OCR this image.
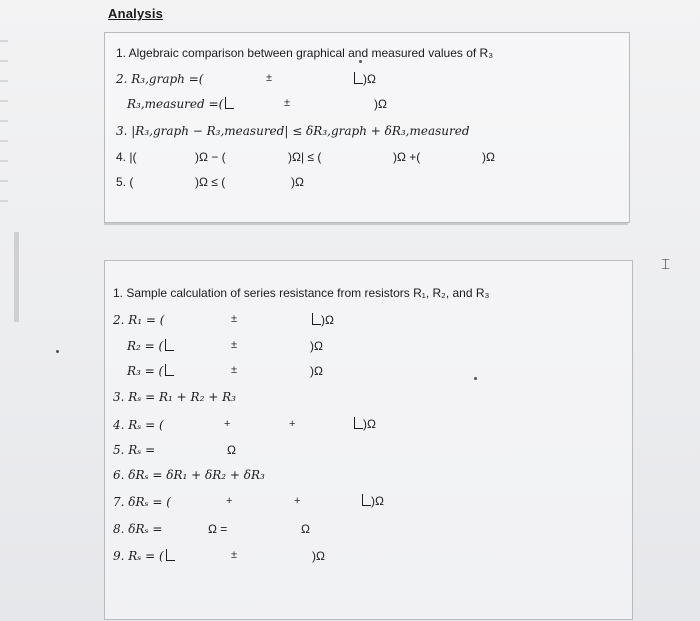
Analysis
1. Algebraic comparison between graphical and measured values of R₃
2. R₃,graph =(	±	)Ω
R₃,measured =(	±	)Ω
3. |R₃,graph − R₃,measured| ≤ δR₃,graph + δR₃,measured
4. |(	)Ω − (	)Ω| ≤ (	)Ω +(	)Ω
5. (	)Ω ≤ (	)Ω
1. Sample calculation of series resistance from resistors R₁, R₂, and R₃
2. R₁ = (	±	)Ω
R₂ = (	±	)Ω
R₃ = (	±	)Ω
3. Rₛ = R₁ + R₂ + R₃
4. Rₛ = (	+	+	)Ω
5. Rₛ =	Ω
6. δRₛ = δR₁ + δR₂ + δR₃
7. δRₛ = (	+	+	)Ω
8. δRₛ =	Ω =	Ω
9. Rₛ = (	±	)Ω
⌶
